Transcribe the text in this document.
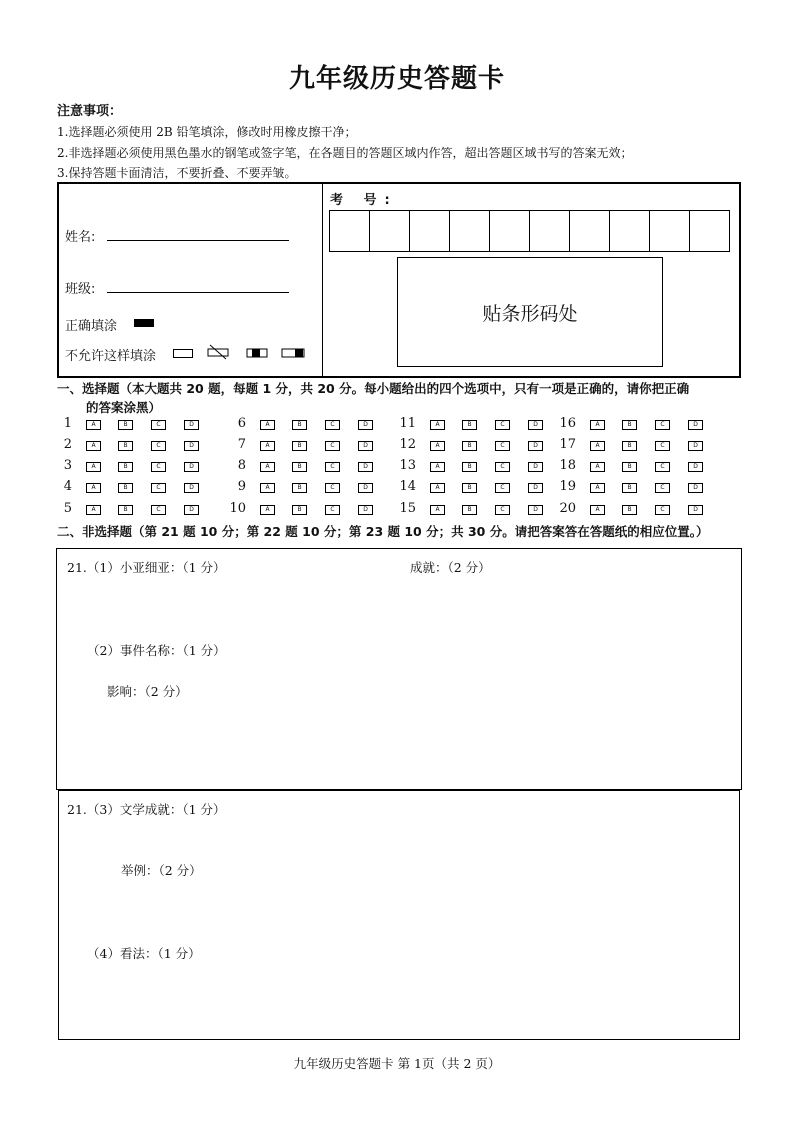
九年级历史答题卡
注意事项：
1.选择题必须使用 2B 铅笔填涂，修改时用橡皮擦干净；
2.非选择题必须使用黑色墨水的钢笔或签字笔，在各题目的答题区域内作答，超出答题区域书写的答案无效；
3.保持答题卡面清洁，不要折叠、不要弄皱。
姓名:
班级:
正确填涂
不允许这样填涂
考 号:
贴条形码处
一、选择题（本大题共 20 题，每题 1 分，共 20 分。每小题给出的四个选项中，只有一项是正确的，请你把正确
的答案涂黑）
1	A	B	C	D
2	A	B	C	D
3	A	B	C	D
4	A	B	C	D
5	A	B	C	D
6	A	B	C	D
7	A	B	C	D
8	A	B	C	D
9	A	B	C	D
10	A	B	C	D
11	A	B	C	D
12	A	B	C	D
13	A	B	C	D
14	A	B	C	D
15	A	B	C	D
16	A	B	C	D
17	A	B	C	D
18	A	B	C	D
19	A	B	C	D
20	A	B	C	D
二、非选择题（第 21 题 10 分；第 22 题 10 分；第 23 题 10 分；共 30 分。请把答案答在答题纸的相应位置。）
21.（1）小亚细亚：（1 分）	成就：（2 分）
（2）事件名称：（1 分）
影响：（2 分）
21.（3）文学成就：（1 分）
举例：（2 分）
（4）看法：（1 分）
九年级历史答题卡 第 1页（共 2 页）
